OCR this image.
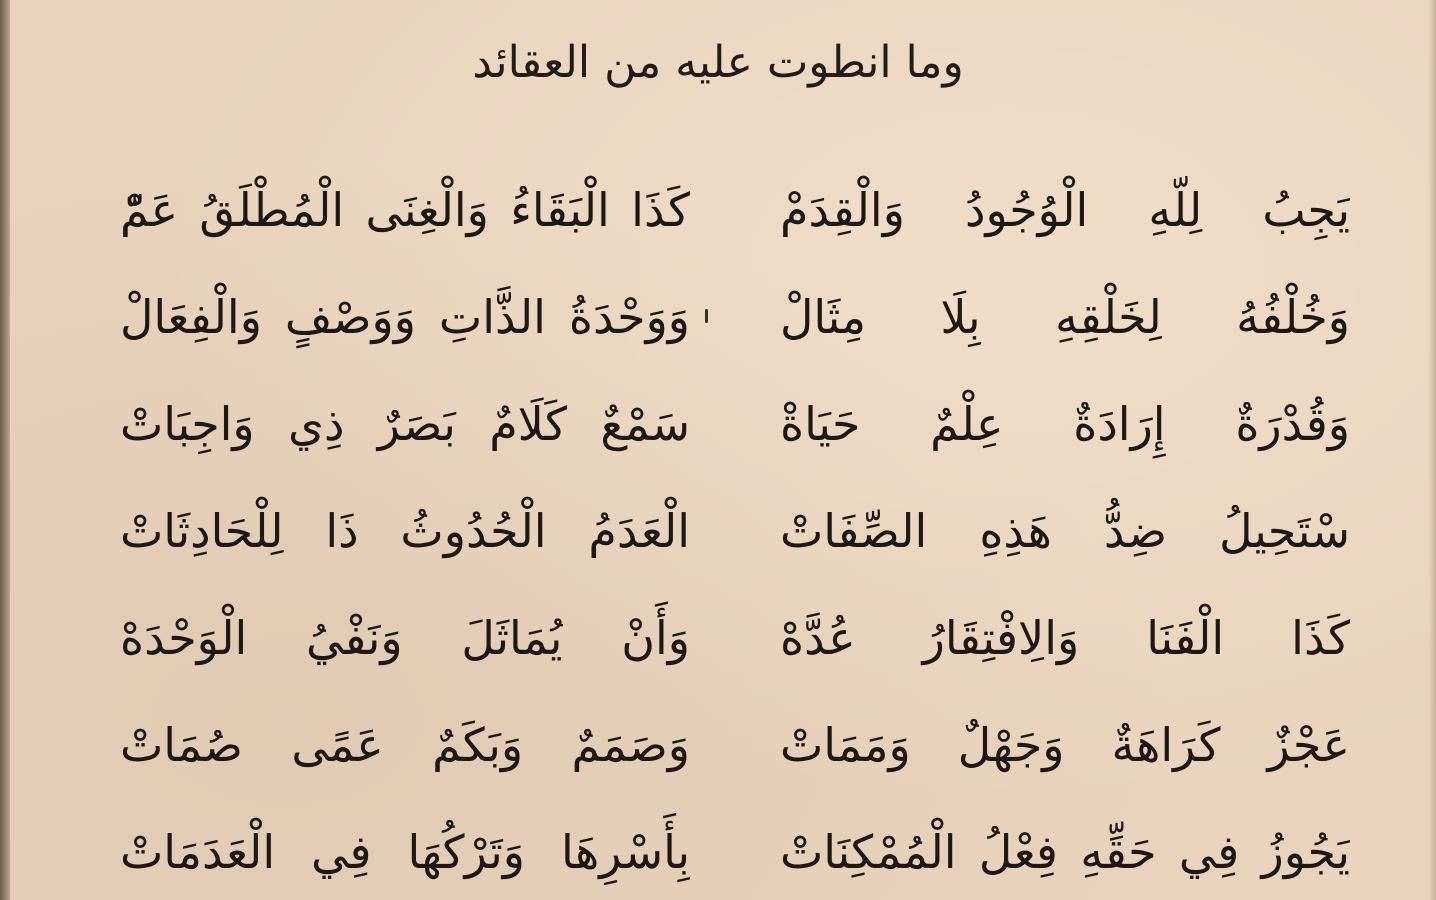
وما انطوت عليه من العقائد
يَجِبُ لِلّهِ الْوُجُودُ وَالْقِدَمْ
كَذَا الْبَقَاءُ وَالْغِنَى الْمُطْلَقُ عَمّْ
وَخُلْفُهُ لِخَلْقِهِ بِلَا مِثَالْ
وَوَحْدَةُ الذَّاتِ وَوَصْفٍ وَالْفِعَالْ
وَقُدْرَةٌ إِرَادَةٌ عِلْمٌ حَيَاةْ
سَمْعٌ كَلَامٌ بَصَرٌ ذِي وَاجِبَاتْ
سْتَحِيلُ ضِدُّ هَذِهِ الصِّفَاتْ
الْعَدَمُ الْحُدُوثُ ذَا لِلْحَادِثَاتْ
كَذَا الْفَنَا وَالِافْتِقَارُ عُدَّهْ
وَأَنْ يُمَاثَلَ وَنَفْيُ الْوَحْدَهْ
عَجْزٌ كَرَاهَةٌ وَجَهْلٌ وَمَمَاتْ
وَصَمَمٌ وَبَكَمٌ عَمًى صُمَاتْ
يَجُوزُ فِي حَقِّهِ فِعْلُ الْمُمْكِنَاتْ
بِأَسْرِهَا وَتَرْكُهَا فِي الْعَدَمَاتْ
